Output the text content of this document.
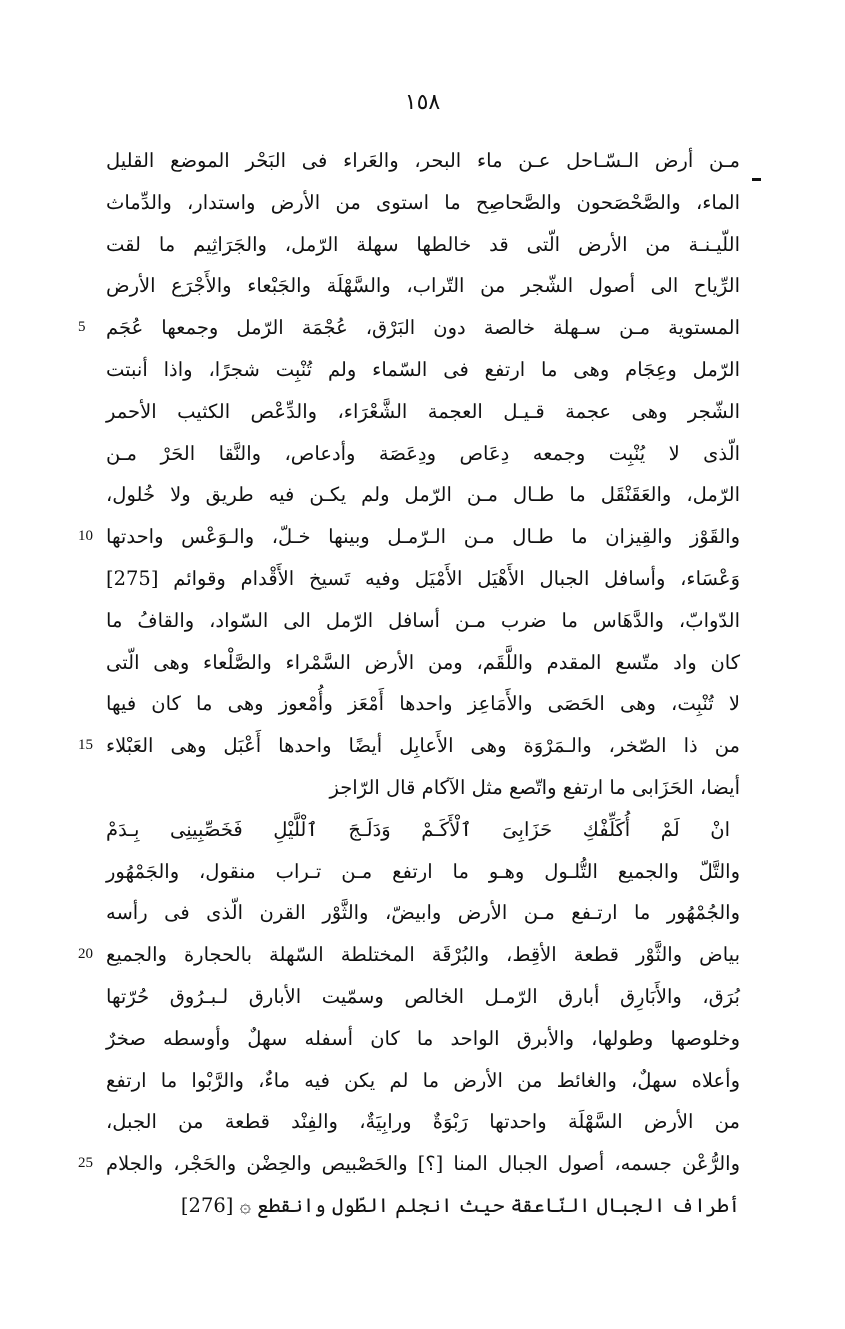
١٥٨
مـن أرض الـسّـاحل عـن ماء البحر، والعَراء فى البَحْر الموضع القليل
الماء، والصَّحْصَحون والصَّحاصِح ما استوى من الأرض واستدار، والدِّماث
اللّيـنـة من الأرض الّتى قد خالطها سهلة الرّمل، والجَرَاثِيم ما لقت
الرِّياح الى أصول الشّجر من التّراب، والسَّهْلَة والجَبْعاء والأَجْرَع الأرض
المستوية مـن سـهلة خالصة دون البَرْق، عُجْمَة الرّمل وجمعها عُجَم
5
الرّمل وعِجَام وهى ما ارتفع فى السّماء ولم تُنْبِت شجرًا، واذا أنبتت
الشّجر وهى عجمة قـيـل العجمة الشَّعْرَاء، والدِّعْص الكثيب الأحمر
الّذى لا يُنْبِت وجمعه دِعَاص ودِعَصَة وأدعاص، والنَّقا الحَرْ مـن
الرّمل، والعَقَنْقَل ما طـال مـن الرّمل ولم يكـن فيه طريق ولا خُلول،
والقَوْز والقِيزان ما طـال مـن الـرّمـل وبينها خـلّ، والـوَعْس واحدتها
10
وَعْسَاء، وأسافل الجبال الأَهْيَل الأَمْيَل وفيه تَسيخ الأَقْدام وقوائم [275]
الدّوابّ، والدَّهَاس ما ضرب مـن أسافل الرّمل الى السّواد، والقافُ ما
كان واد متّسع المقدم واللَّقَم، ومن الأرض السَّمْراء والصَّلْعاء وهى الّتى
لا تُنْبِت، وهى الحَصَى والأَمَاعِز واحدها أَمْعَز وأُمْعوز وهى ما كان فيها
من ذا الصّخر، والـمَرْوَة وهى الأَعابِل أيضًا واحدها أَعْبَل وهى العَبْلاء
15
أيضا، الحَزَابى ما ارتفع واتّصع مثل الآكام قال الرّاجز
انْ لَمْ أُكَلِّفْكِ حَزَابِىَ ٱلْأَكَـمْ وَدَلَـجَ ٱلْلَّيْلِ فَخَصِّبِينِى بِـدَمْ
والتَّلّ والجميع التُّلـول وهـو ما ارتفع مـن تـراب منقول، والجَمْهُور
والجُمْهُور ما ارتـفع مـن الأرض وابيضّ، والثَّوْر القرن الّذى فى رأسه
بياض والثَّوْر قطعة الأقِط، والبُرْقَة المختلطة السّهلة بالحجارة والجميع
20
بُرَق، والأَبَارِق أبارق الرّمـل الخالص وسمّيت الأبارق لـبـرُوق حُرّتها
وخلوصها وطولها، والأبرق الواحد ما كان أسفله سهلٌ وأوسطه صخرٌ
وأعلاه سهلٌ، والغائط من الأرض ما لم يكن فيه ماءٌ، والرَّبْوا ما ارتفع
من الأرض السَّهْلَة واحدتها رَبْوَةٌ ورابِيَةٌ، والفِنْد قطعة من الجبل،
والرُّعْن جسمه، أصول الجبال المنا [؟] والحَصْبيص والحِضْن والحَجْر، والجلام
25
أطراف الجبال النّاعقة حيث انجلم الطّول وانقطع ۞ [276]
